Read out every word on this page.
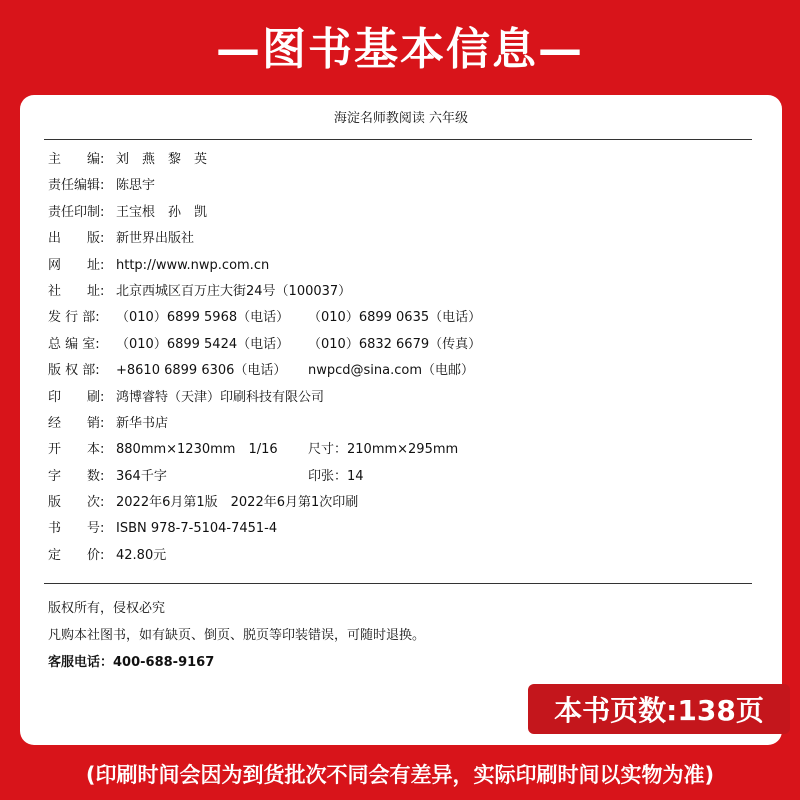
—图书基本信息—
海淀名师教阅读 六年级
主　　编: 刘　燕　黎　英
责任编辑: 陈思宇
责任印制: 王宝根　孙　凯
出　　版: 新世界出版社
网　　址: http://www.nwp.com.cn
社　　址: 北京西城区百万庄大街24号（100037）
发 行 部: （010）6899 5968（电话） （010）6899 0635（电话）
总 编 室: （010）6899 5424（电话） （010）6832 6679（传真）
版 权 部: +8610 6899 6306（电话） nwpcd@sina.com（电邮）
印　　刷: 鸿博睿特（天津）印刷科技有限公司
经　　销: 新华书店
开　　本: 880mm×1230mm　1/16 尺寸：210mm×295mm
字　　数: 364千字	印张：14
版　　次: 2022年6月第1版　2022年6月第1次印刷
书　　号: ISBN 978-7-5104-7451-4
定　　价: 42.80元
版权所有，侵权必究
凡购本社图书，如有缺页、倒页、脱页等印装错误，可随时退换。
客服电话：400-688-9167
本书页数:138页
(印刷时间会因为到货批次不同会有差异，实际印刷时间以实物为准)
